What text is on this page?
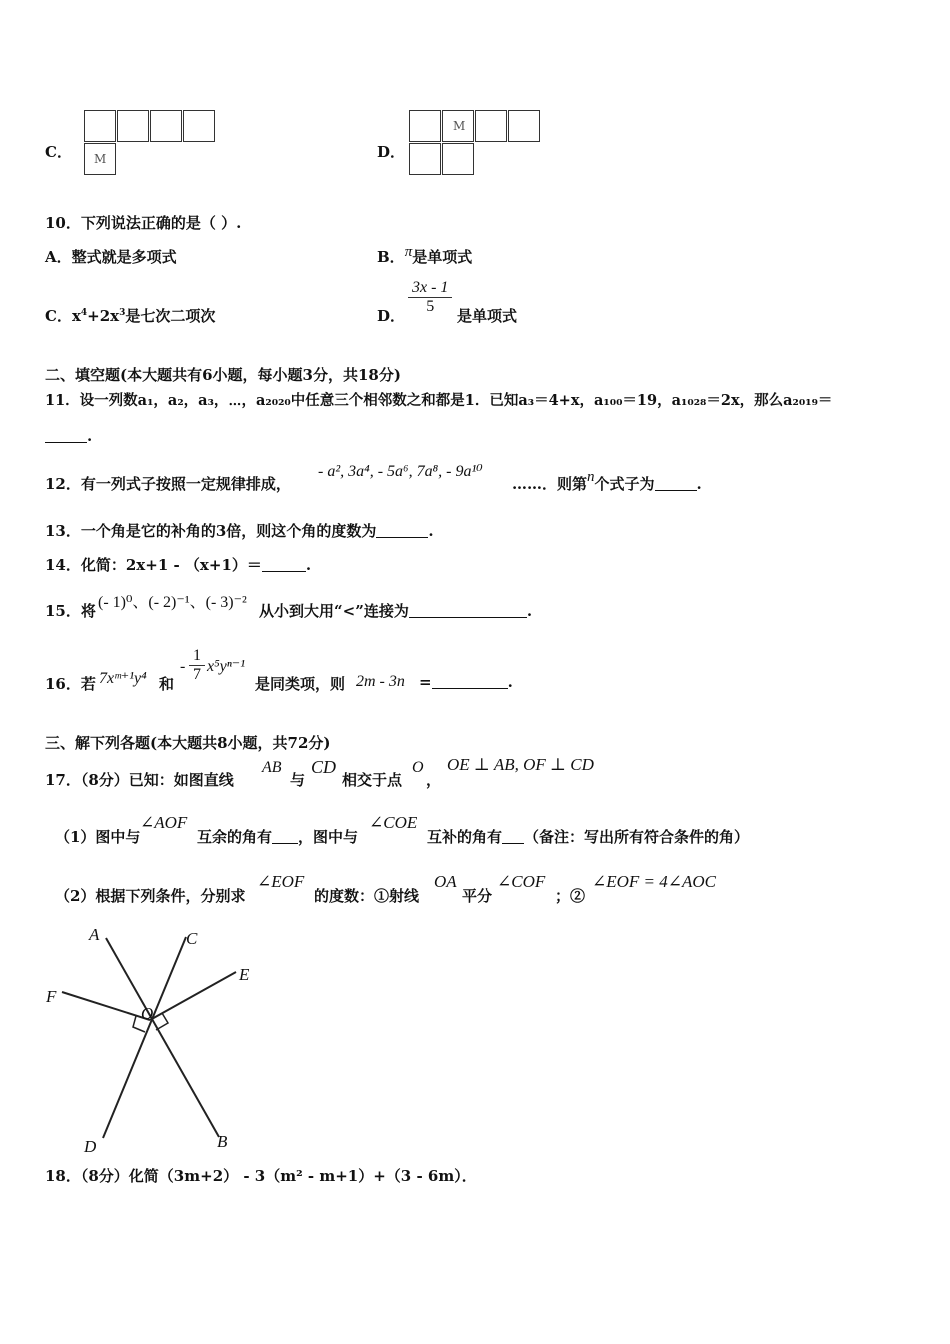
C． M	D．
M
10．下列说法正确的是（ ）.
A．整式就是多项式	B．π是单项式
C．$x^4+2x^3$是七次二项次	D． $\frac{3x - 1}{5}$ 是单项式
二、填空题(本大题共有6小题，每小题3分，共18分)
11．设一列数a₁，a₂，a₃，⋯，a₂₀₂₀中任意三个相邻数之和都是1．已知a₃＝4+x，a₁₀₀＝19，a₁₀₂₈＝2x，那么a₂₀₁₉＝
.
12．有一列式子按照一定规律排成，
- a², 3a⁴, - 5a⁶, 7a⁸, - 9a¹⁰
……．则第n个式子为	.
13．一个角是它的补角的3倍，则这个角的度数为	.
14．化简：2x+1 - （x+1）＝	.
15．将 (- 1)⁰、(- 2)⁻¹、(- 3)⁻² 从小到大用“<”连接为	.
16．若 7xᵐ⁺¹y⁴ 和
- $\frac{1}{7} x^5y^{n-1}$
是同类项，则 2m - 3n =	.
三、解下列各题(本大题共8小题，共72分)
17．（8分）已知：如图直线
AB
与
CD
相交于点
O
，
OE ⊥ AB, OF ⊥ CD
（1）图中与
∠AOF
互余的角有 ，图中与
∠COE
互补的角有 （备注：写出所有符合条件的角）
（2）根据下列条件，分别求
∠EOF
的度数：①射线
OA
平分
∠COF
；②
∠EOF = 4∠AOC
A	C
E
F
O
D	B
18．（8分）化简（3m+2） - 3（m² - m+1）+（3 - 6m）．
